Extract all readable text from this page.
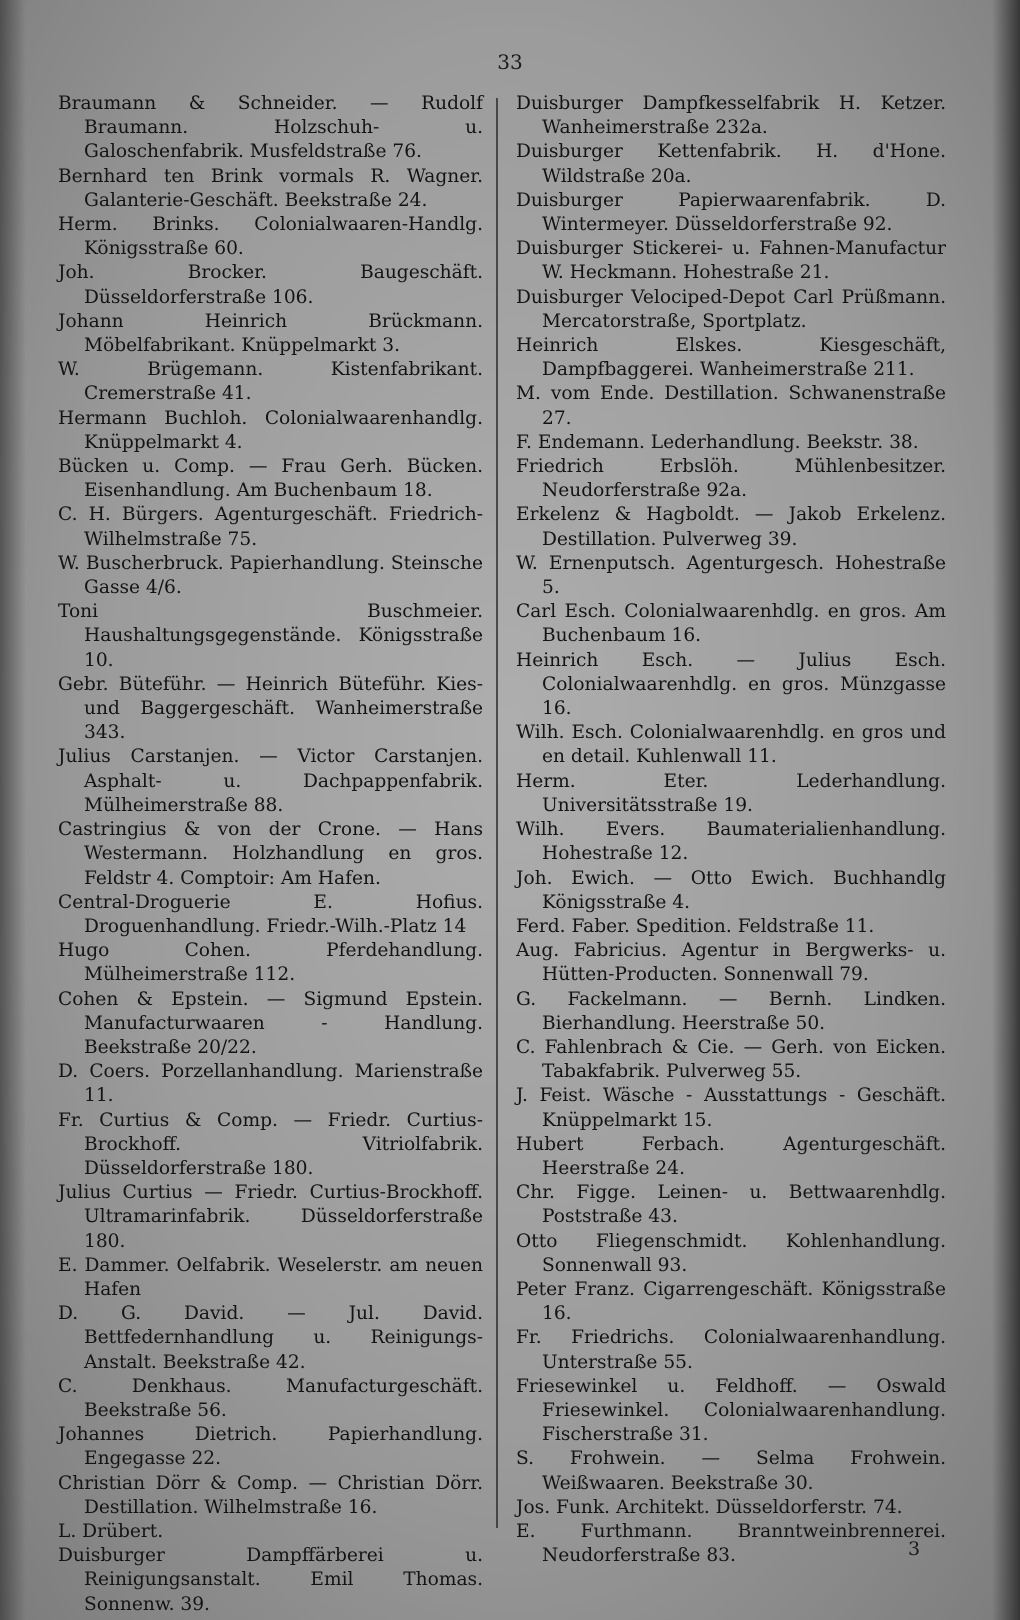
33

Braumann & Schneider. — Rudolf Braumann. Holzschuh- u. Galoschenfabrik. Musfeldstraße 76.

Bernhard ten Brink vormals R. Wagner. Galanterie-Geschäft. Beekstraße 24.

Herm. Brinks. Colonialwaaren-Handlg. Königsstraße 60.

Joh. Brocker. Baugeschäft. Düsseldorferstraße 106.

Johann Heinrich Brückmann. Möbelfabrikant. Knüppelmarkt 3.

W. Brügemann. Kistenfabrikant. Cremerstraße 41.

Hermann Buchloh. Colonialwaarenhandlg. Knüppelmarkt 4.

Bücken u. Comp. — Frau Gerh. Bücken. Eisenhandlung. Am Buchenbaum 18.

C. H. Bürgers. Agenturgeschäft. Friedrich-Wilhelmstraße 75.

W. Buscherbruck. Papierhandlung. Steinsche Gasse 4/6.

Toni Buschmeier. Haushaltungsgegenstände. Königsstraße 10.

Gebr. Büteführ. — Heinrich Büteführ. Kies- und Baggergeschäft. Wanheimerstraße 343.

Julius Carstanjen. — Victor Carstanjen. Asphalt- u. Dachpappenfabrik. Mülheimerstraße 88.

Castringius & von der Crone. — Hans Westermann. Holzhandlung en gros. Feldstr 4. Comptoir: Am Hafen.

Central-Droguerie E. Hofius. Droguenhandlung. Friedr.-Wilh.-Platz 14

Hugo Cohen. Pferdehandlung. Mülheimerstraße 112.

Cohen & Epstein. — Sigmund Epstein. Manufacturwaaren - Handlung. Beekstraße 20/22.

D. Coers. Porzellanhandlung. Marienstraße 11.

Fr. Curtius & Comp. — Friedr. Curtius-Brockhoff. Vitriolfabrik. Düsseldorferstraße 180.

Julius Curtius — Friedr. Curtius-Brockhoff. Ultramarinfabrik. Düsseldorferstraße 180.

E. Dammer. Oelfabrik. Weselerstr. am neuen Hafen

D. G. David. — Jul. David. Bettfedernhandlung u. Reinigungs-Anstalt. Beekstraße 42.

C. Denkhaus. Manufacturgeschäft. Beekstraße 56.

Johannes Dietrich. Papierhandlung. Engegasse 22.

Christian Dörr & Comp. — Christian Dörr. Destillation. Wilhelmstraße 16.

L. Drübert.

Duisburger Dampffärberei u. Reinigungsanstalt. Emil Thomas. Sonnenw. 39.

Duisburger Dampfkesselfabrik H. Ketzer. Wanheimerstraße 232a.

Duisburger Kettenfabrik. H. d'Hone. Wildstraße 20a.

Duisburger Papierwaarenfabrik. D. Wintermeyer. Düsseldorferstraße 92.

Duisburger Stickerei- u. Fahnen-Manufactur W. Heckmann. Hohestraße 21.

Duisburger Velociped-Depot Carl Prüßmann. Mercatorstraße, Sportplatz.

Heinrich Elskes. Kiesgeschäft, Dampfbaggerei. Wanheimerstraße 211.

M. vom Ende. Destillation. Schwanenstraße 27.

F. Endemann. Lederhandlung. Beekstr. 38.

Friedrich Erbslöh. Mühlenbesitzer. Neudorferstraße 92a.

Erkelenz & Hagboldt. — Jakob Erkelenz. Destillation. Pulverweg 39.

W. Ernenputsch. Agenturgesch. Hohestraße 5.

Carl Esch. Colonialwaarenhdlg. en gros. Am Buchenbaum 16.

Heinrich Esch. — Julius Esch. Colonialwaarenhdlg. en gros. Münzgasse 16.

Wilh. Esch. Colonialwaarenhdlg. en gros und en detail. Kuhlenwall 11.

Herm. Eter. Lederhandlung. Universitätsstraße 19.

Wilh. Evers. Baumaterialienhandlung. Hohestraße 12.

Joh. Ewich. — Otto Ewich. Buchhandlg Königsstraße 4.

Ferd. Faber. Spedition. Feldstraße 11.

Aug. Fabricius. Agentur in Bergwerks- u. Hütten-Producten. Sonnenwall 79.

G. Fackelmann. — Bernh. Lindken. Bierhandlung. Heerstraße 50.

C. Fahlenbrach & Cie. — Gerh. von Eicken. Tabakfabrik. Pulverweg 55.

J. Feist. Wäsche - Ausstattungs - Geschäft. Knüppelmarkt 15.

Hubert Ferbach. Agenturgeschäft. Heerstraße 24.

Chr. Figge. Leinen- u. Bettwaarenhdlg. Poststraße 43.

Otto Fliegenschmidt. Kohlenhandlung. Sonnenwall 93.

Peter Franz. Cigarrengeschäft. Königsstraße 16.

Fr. Friedrichs. Colonialwaarenhandlung. Unterstraße 55.

Friesewinkel u. Feldhoff. — Oswald Friesewinkel. Colonialwaarenhandlung. Fischerstraße 31.

S. Frohwein. — Selma Frohwein. Weißwaaren. Beekstraße 30.

Jos. Funk. Architekt. Düsseldorferstr. 74.

E. Furthmann. Branntweinbrennerei. Neudorferstraße 83.	3
